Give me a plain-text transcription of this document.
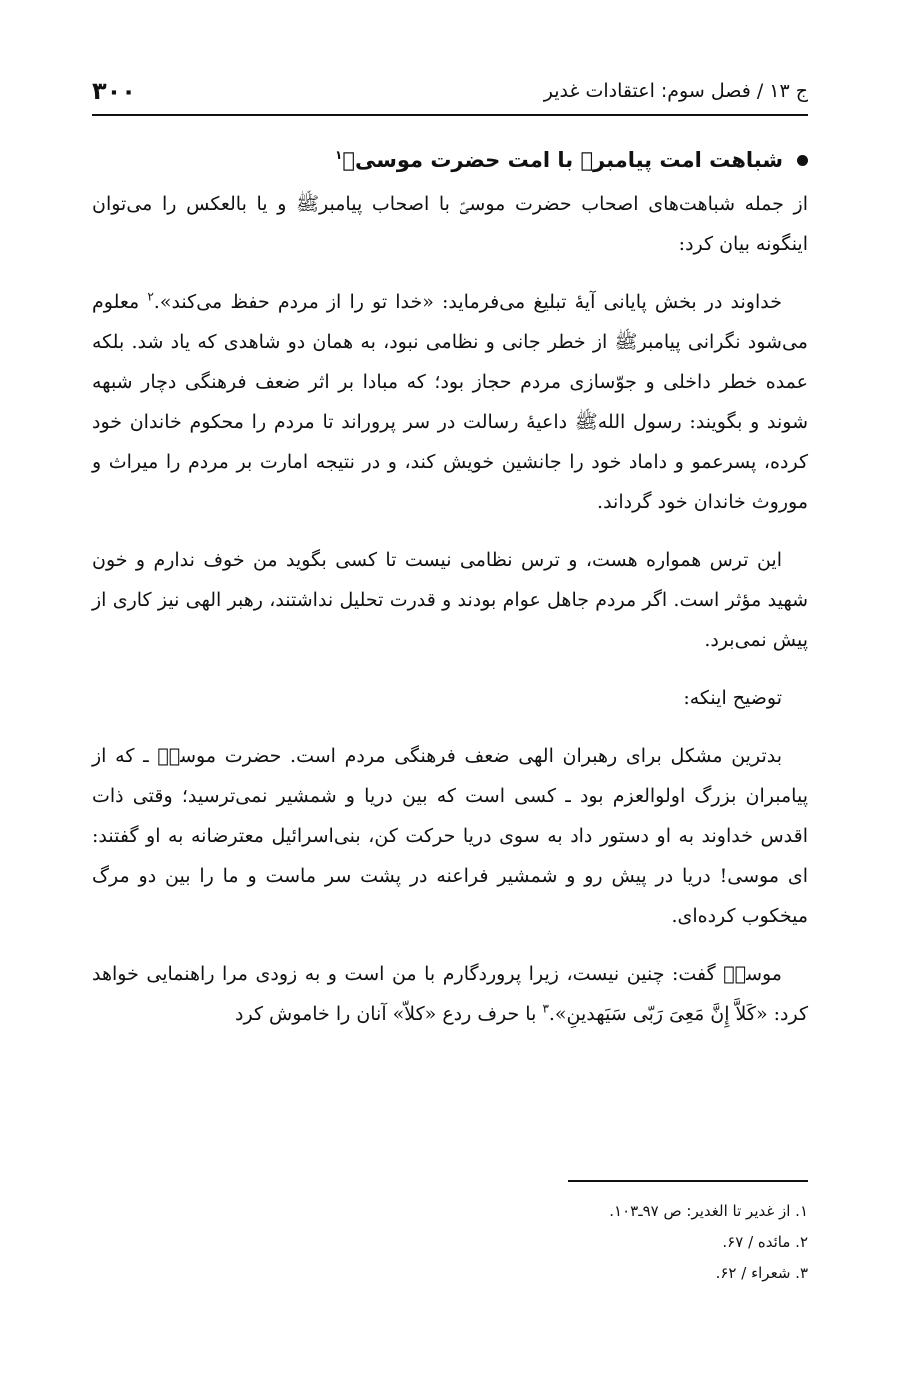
ج ۱۳ / فصل سوم: اعتقادات غدیر
۳۰۰
شباهت امت پیامبرﷺ با امت حضرت موسیؑ$^۱$

از جمله شباهت‌های اصحاب حضرت موسیؑ با اصحاب پیامبرﷺ و یا بالعکس را می‌توان اینگونه بیان کرد:

خداوند در بخش پایانی آیهٔ تبلیغ می‌فرماید: «خدا تو را از مردم حفظ می‌کند».$^۲$ معلوم می‌شود نگرانی پیامبرﷺ از خطر جانی و نظامی نبود، به همان دو شاهدی که یاد شد. بلکه عمده خطر داخلی و جوّسازی مردم حجاز بود؛ که مبادا بر اثر ضعف فرهنگی دچار شبهه شوند و بگویند: رسول اللهﷺ داعیهٔ رسالت در سر پروراند تا مردم را محکوم خاندان خود کرده، پسرعمو و داماد خود را جانشین خویش کند، و در نتیجه امارت بر مردم را میراث و موروث خاندان خود گرداند.

این ترس همواره هست، و ترس نظامی نیست تا کسی بگوید من خوف ندارم و خون شهید مؤثر است. اگر مردم جاهل عوام بودند و قدرت تحلیل نداشتند، رهبر الهی نیز کاری از پیش نمی‌برد.

توضیح اینکه:

بدترین مشکل برای رهبران الهی ضعف فرهنگی مردم است. حضرت موسیؑ ـ که از پیامبران بزرگ اولوالعزم بود ـ کسی است که بین دریا و شمشیر نمی‌ترسید؛ وقتی ذات اقدس خداوند به او دستور داد به سوی دریا حرکت کن، بنی‌اسرائیل معترضانه به او گفتند: ای موسی! دریا در پیش رو و شمشیر فراعنه در پشت سر ماست و ما را بین دو مرگ میخکوب کرده‌ای.

موسیؑ گفت: چنین نیست، زیرا پروردگارم با من است و به زودی مرا راهنمایی خواهد کرد: «کَلاَّ إِنَّ مَعِیَ رَبّی سَیَهدینِ».$^۳$ با حرف ردع «کلاّ» آنان را خاموش کرد

۱. از غدیر تا الغدیر: ص ۹۷ـ۱۰۳.
۲. مائده / ۶۷.
۳. شعراء / ۶۲.
